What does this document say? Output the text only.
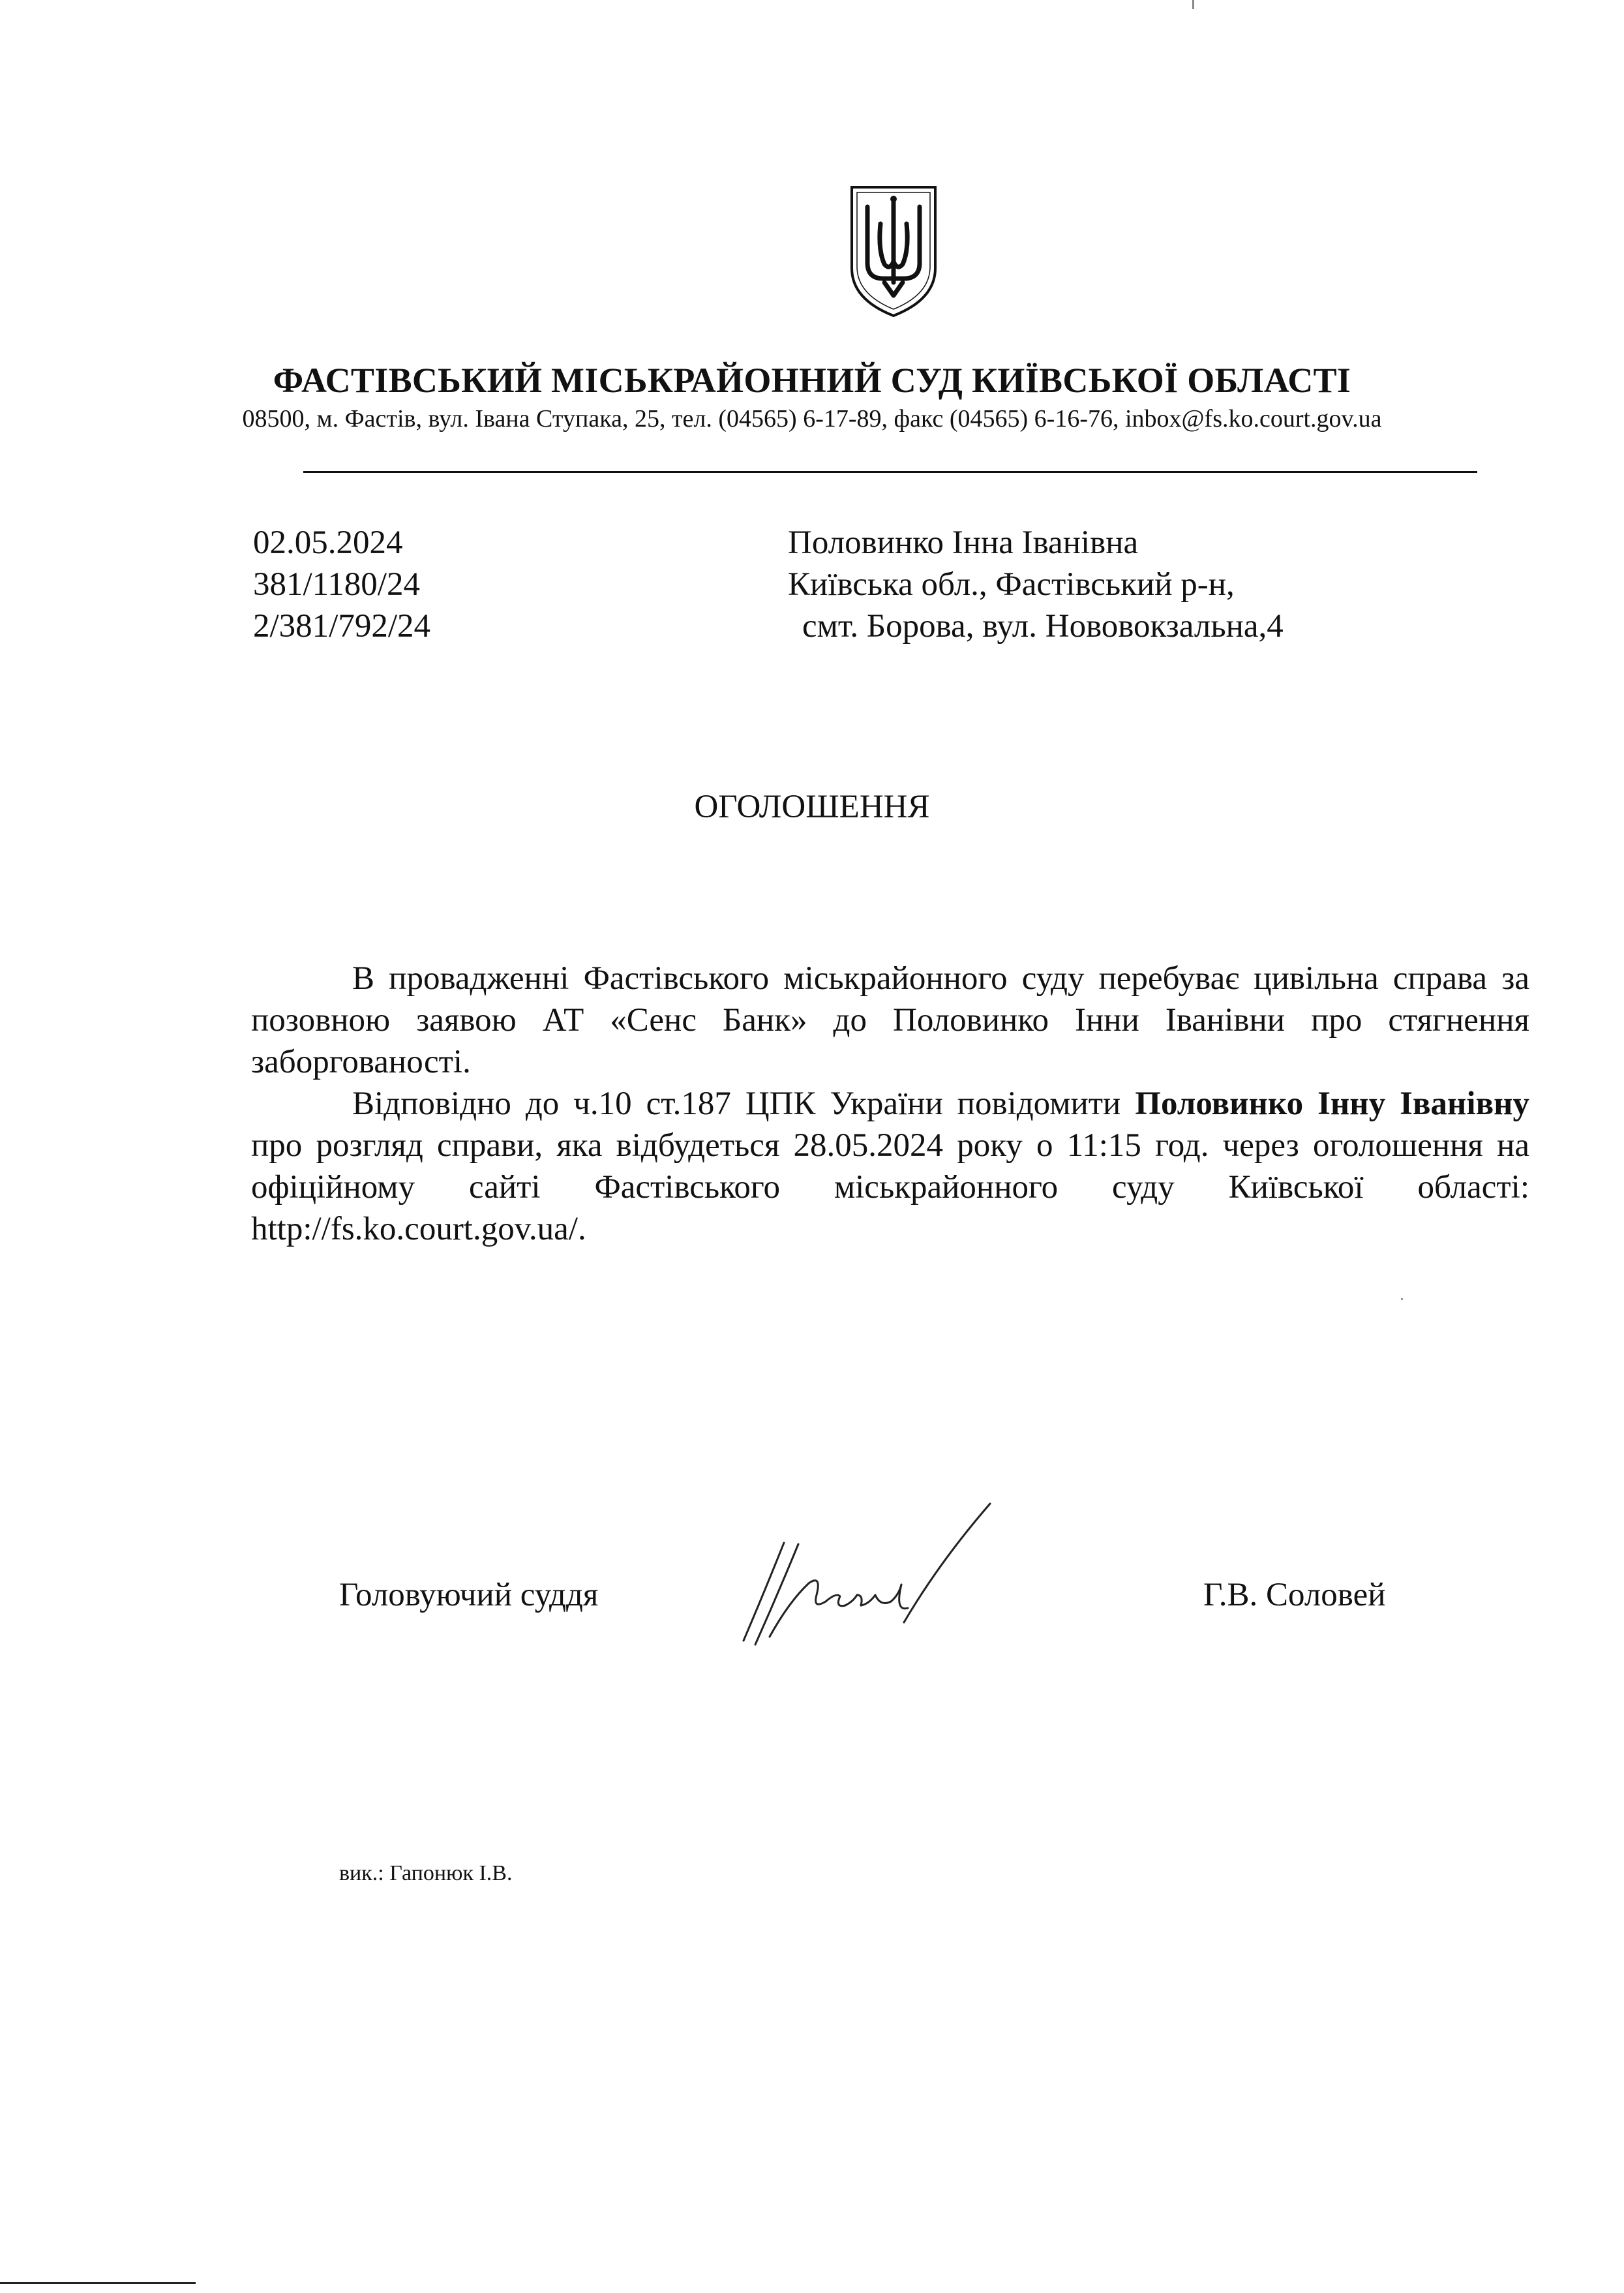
ФАСТІВСЬКИЙ МІСЬКРАЙОННИЙ СУД КИЇВСЬКОЇ ОБЛАСТІ
08500, м. Фастів, вул. Івана Ступака, 25, тел. (04565) 6-17-89, факс (04565) 6-16-76, inbox@fs.ko.court.gov.ua
02.05.2024
381/1180/24
2/381/792/24
Половинко Інна Іванівна
Київська обл., Фастівський р-н,
смт. Борова, вул. Нововокзальна,4
ОГОЛОШЕННЯ

В провадженні Фастівського міськрайонного суду перебуває цивільна справа за позовною заявою АТ «Сенс Банк» до Половинко Інни Іванівни про стягнення заборгованості.

Відповідно до ч.10 ст.187 ЦПК України повідомити Половинко Інну Іванівну про розгляд справи, яка відбудеться 28.05.2024 року о 11:15 год. через оголошення на офіційному сайті Фастівського міськрайонного суду Київської області: http://fs.ko.court.gov.ua/.

Головуючий суддя	Г.В. Соловей
вик.: Гапонюк І.В.
